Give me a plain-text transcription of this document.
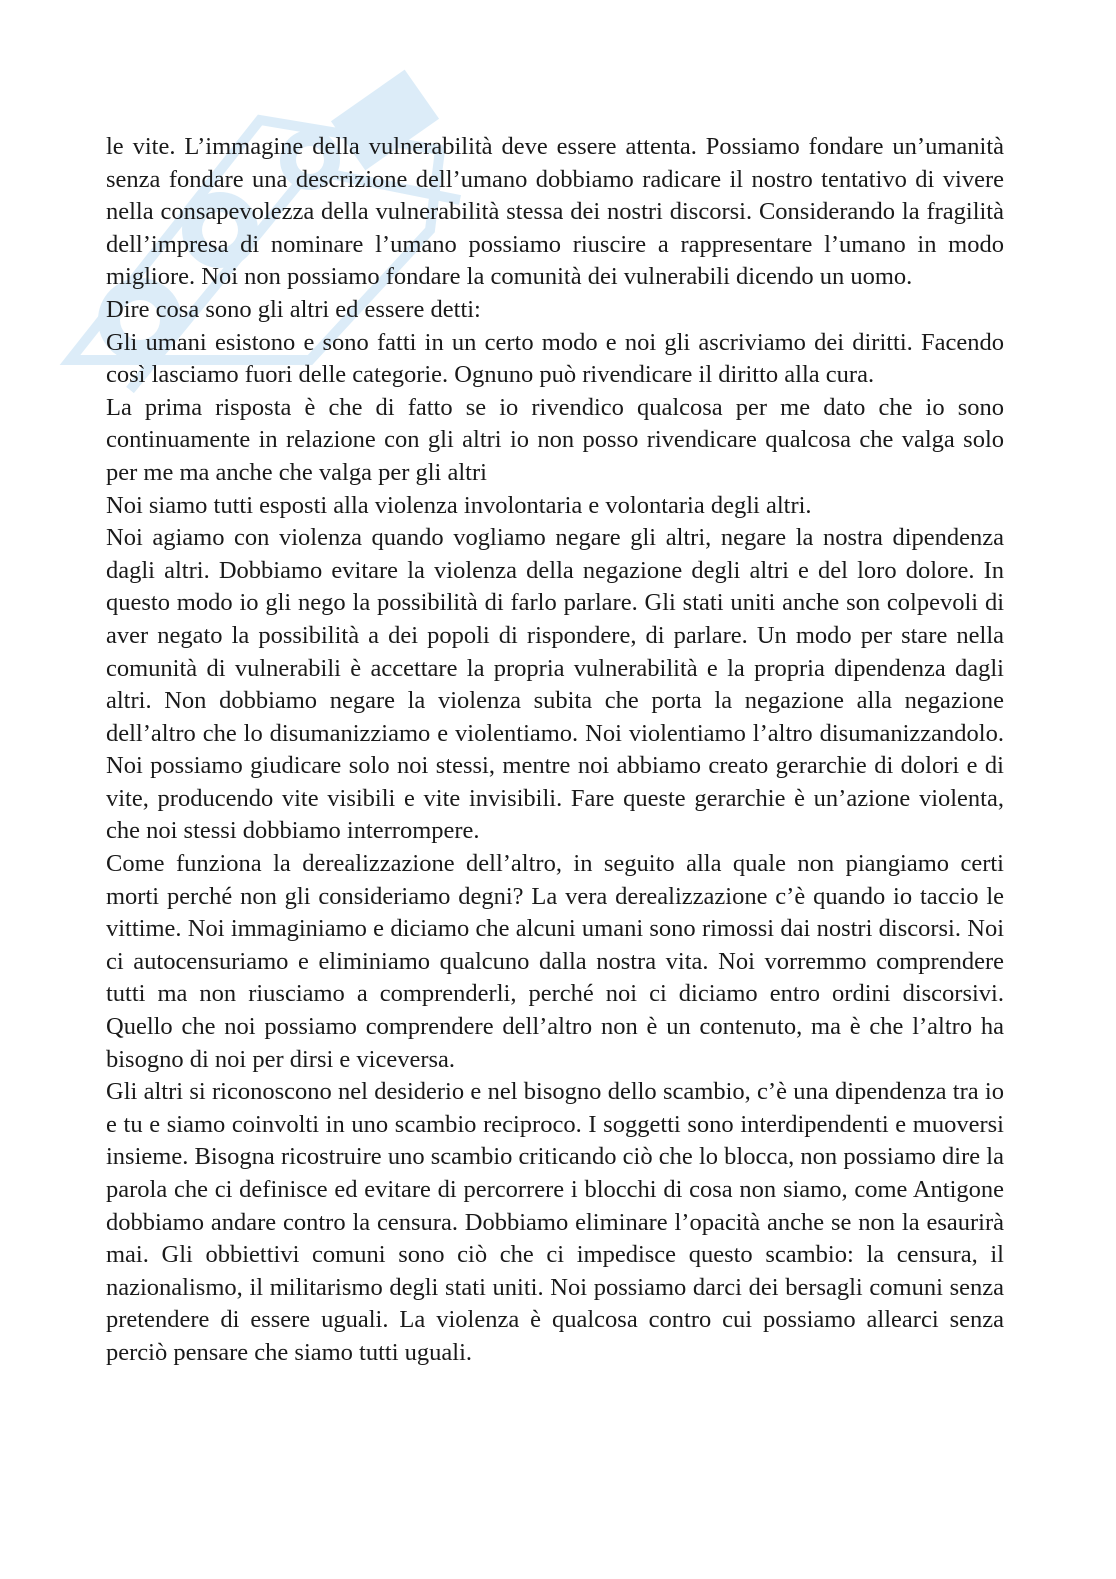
le vite. L’immagine della vulnerabilità deve essere attenta. Possiamo fondare un’umanità senza fondare una descrizione dell’umano dobbiamo radicare il nostro tentativo di vivere nella consapevolezza della vulnerabilità stessa dei nostri discorsi. Considerando la fragilità dell’impresa di nominare l’umano possiamo riuscire a rappresentare l’umano in modo migliore. Noi non possiamo fondare la comunità dei vulnerabili dicendo un uomo.

Dire cosa sono gli altri ed essere detti:

Gli umani esistono e sono fatti in un certo modo e noi gli ascriviamo dei diritti. Facendo così lasciamo fuori delle categorie. Ognuno può rivendicare il diritto alla cura.

La prima risposta è che di fatto se io rivendico qualcosa per me dato che io sono continuamente in relazione con gli altri io non posso rivendicare qualcosa che valga solo per me ma anche che valga per gli altri

Noi siamo tutti esposti alla violenza involontaria e volontaria degli altri.

Noi agiamo con violenza quando vogliamo negare gli altri, negare la nostra dipendenza dagli altri. Dobbiamo evitare la violenza della negazione degli altri e del loro dolore. In questo modo io gli nego la possibilità di farlo parlare. Gli stati uniti anche son colpevoli di aver negato la possibilità a dei popoli di rispondere, di parlare. Un modo per stare nella comunità di vulnerabili è accettare la propria vulnerabilità e la propria dipendenza dagli altri. Non dobbiamo negare la violenza subita che porta la negazione alla negazione dell’altro che lo disumanizziamo e violentiamo. Noi violentiamo l’altro disumanizzandolo. Noi possiamo giudicare solo noi stessi, mentre noi abbiamo creato gerarchie di dolori e di vite, producendo vite visibili e vite invisibili. Fare queste gerarchie è un’azione violenta, che noi stessi dobbiamo interrompere.

Come funziona la derealizzazione dell’altro, in seguito alla quale non piangiamo certi morti perché non gli consideriamo degni? La vera derealizzazione c’è quando io taccio le vittime. Noi immaginiamo e diciamo che alcuni umani sono rimossi dai nostri discorsi. Noi ci autocensuriamo e eliminiamo qualcuno dalla nostra vita. Noi vorremmo comprendere tutti ma non riusciamo a comprenderli, perché noi ci diciamo entro ordini discorsivi. Quello che noi possiamo comprendere dell’altro non è un contenuto, ma è che l’altro ha bisogno di noi per dirsi e viceversa.

Gli altri si riconoscono nel desiderio e nel bisogno dello scambio, c’è una dipendenza tra io e tu e siamo coinvolti in uno scambio reciproco. I soggetti sono interdipendenti e muoversi insieme. Bisogna ricostruire uno scambio criticando ciò che lo blocca, non possiamo dire la parola che ci definisce ed evitare di percorrere i blocchi di cosa non siamo, come Antigone dobbiamo andare contro la censura. Dobbiamo eliminare l’opacità anche se non la esaurirà mai. Gli obbiettivi comuni sono ciò che ci impedisce questo scambio: la censura, il nazionalismo, il militarismo degli stati uniti. Noi possiamo darci dei bersagli comuni senza pretendere di essere uguali. La violenza è qualcosa contro cui possiamo allearci senza perciò pensare che siamo tutti uguali.
